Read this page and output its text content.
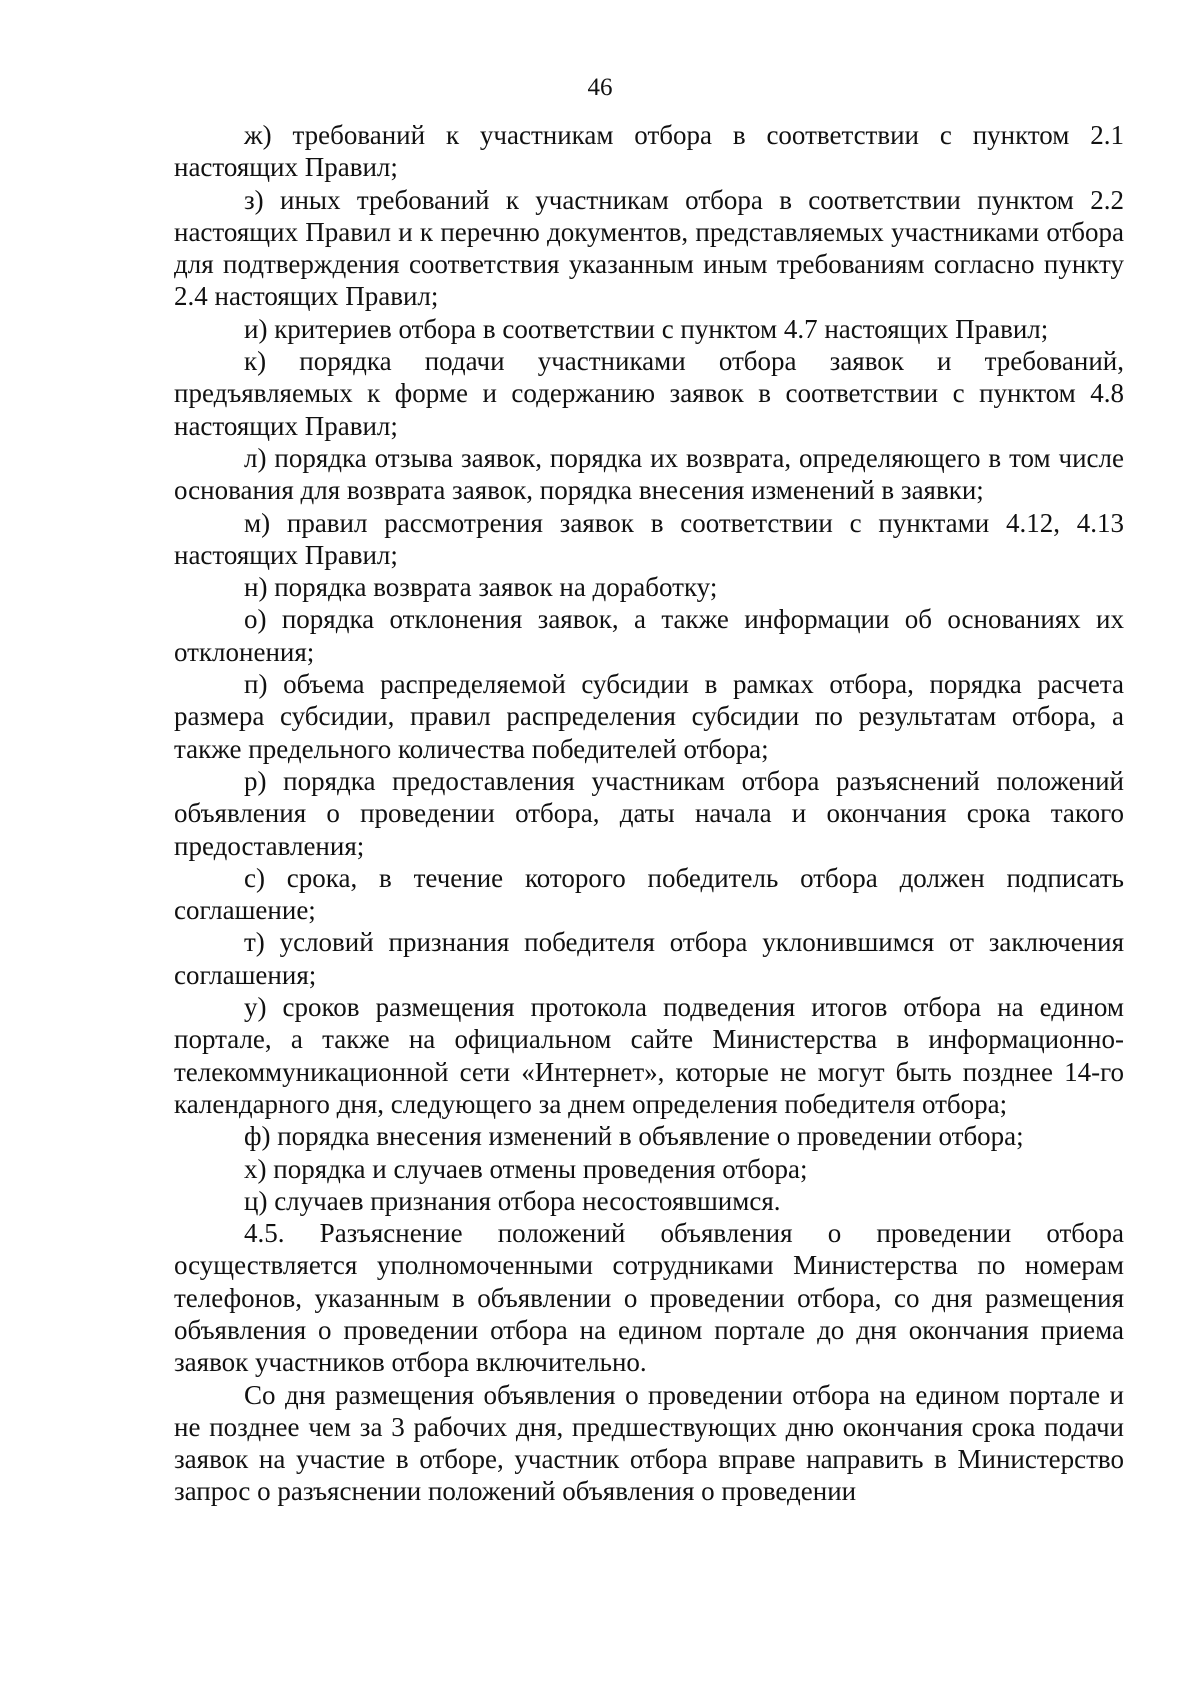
46

ж) требований к участникам отбора в соответствии с пунктом 2.1 настоящих Правил;

з) иных требований к участникам отбора в соответствии пунктом 2.2 настоящих Правил и к перечню документов, представляемых участниками отбора для подтверждения соответствия указанным иным требованиям согласно пункту 2.4 настоящих Правил;

и) критериев отбора в соответствии с пунктом 4.7 настоящих Правил;

к) порядка подачи участниками отбора заявок и требований, предъявляемых к форме и содержанию заявок в соответствии с пунктом 4.8 настоящих Правил;

л) порядка отзыва заявок, порядка их возврата, определяющего в том числе основания для возврата заявок, порядка внесения изменений в заявки;

м) правил рассмотрения заявок в соответствии с пунктами 4.12, 4.13 настоящих Правил;

н) порядка возврата заявок на доработку;

о) порядка отклонения заявок, а также информации об основаниях их отклонения;

п) объема распределяемой субсидии в рамках отбора, порядка расчета размера субсидии, правил распределения субсидии по результатам отбора, а также предельного количества победителей отбора;

р) порядка предоставления участникам отбора разъяснений положений объявления о проведении отбора, даты начала и окончания срока такого предоставления;

с) срока, в течение которого победитель отбора должен подписать соглашение;

т) условий признания победителя отбора уклонившимся от заключения соглашения;

у) сроков размещения протокола подведения итогов отбора на едином портале, а также на официальном сайте Министерства в информационно-телекоммуникационной сети «Интернет», которые не могут быть позднее 14-го календарного дня, следующего за днем определения победителя отбора;

ф) порядка внесения изменений в объявление о проведении отбора;

х) порядка и случаев отмены проведения отбора;

ц) случаев признания отбора несостоявшимся.

4.5. Разъяснение положений объявления о проведении отбора осуществляется уполномоченными сотрудниками Министерства по номерам телефонов, указанным в объявлении о проведении отбора, со дня размещения объявления о проведении отбора на едином портале до дня окончания приема заявок участников отбора включительно.

Со дня размещения объявления о проведении отбора на едином портале и не позднее чем за 3 рабочих дня, предшествующих дню окончания срока подачи заявок на участие в отборе, участник отбора вправе направить в Министерство запрос о разъяснении положений объявления о проведении
